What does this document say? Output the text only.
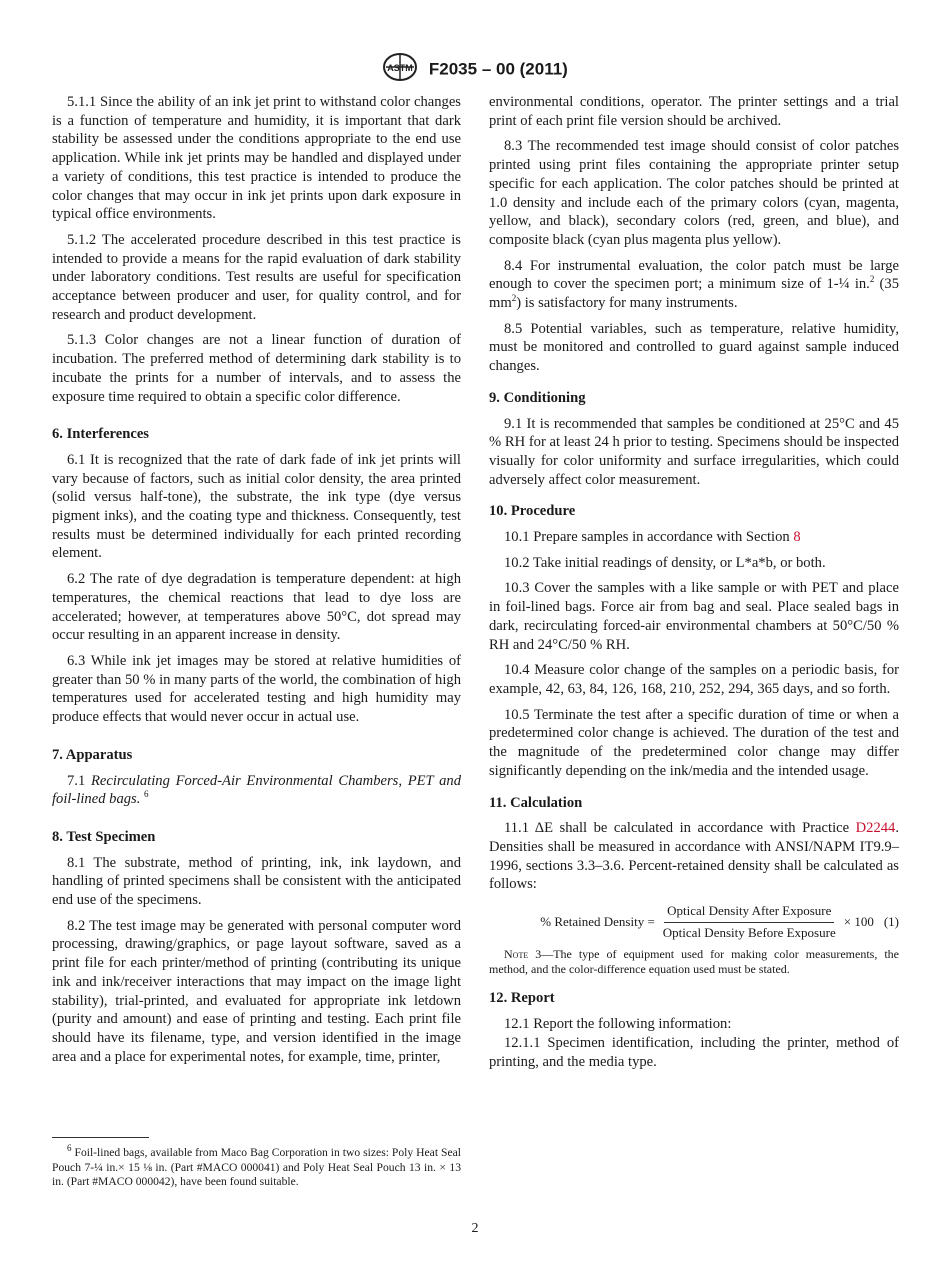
ASTM F2035 – 00 (2011)

5.1.1 Since the ability of an ink jet print to withstand color changes is a function of temperature and humidity, it is important that dark stability be assessed under the conditions appropriate to the end use application. While ink jet prints may be handled and displayed under a variety of conditions, this test practice is intended to produce the color changes that may occur in ink jet prints upon dark exposure in typical office environments.

5.1.2 The accelerated procedure described in this test practice is intended to provide a means for the rapid evaluation of dark stability under laboratory conditions. Test results are useful for specification acceptance between producer and user, for quality control, and for research and product development.

5.1.3 Color changes are not a linear function of duration of incubation. The preferred method of determining dark stability is to incubate the prints for a number of intervals, and to assess the exposure time required to obtain a specific color difference.

6. Interferences

6.1 It is recognized that the rate of dark fade of ink jet prints will vary because of factors, such as initial color density, the area printed (solid versus half-tone), the substrate, the ink type (dye versus pigment inks), and the coating type and thickness. Consequently, test results must be determined individually for each printed recording element.

6.2 The rate of dye degradation is temperature dependent: at high temperatures, the chemical reactions that lead to dye loss are accelerated; however, at temperatures above 50°C, dot spread may occur resulting in an apparent increase in density.

6.3 While ink jet images may be stored at relative humidities of greater than 50 % in many parts of the world, the combination of high temperatures used for accelerated testing and high humidity may produce effects that would never occur in actual use.

7. Apparatus

7.1 Recirculating Forced-Air Environmental Chambers, PET and foil-lined bags. $^6$

8. Test Specimen

8.1 The substrate, method of printing, ink, ink laydown, and handling of printed specimens shall be consistent with the anticipated end use of the specimens.

8.2 The test image may be generated with personal computer word processing, drawing/graphics, or page layout software, saved as a print file for each printer/method of printing (contributing its unique ink and ink/receiver interactions that may impact on the image light stability), trial-printed, and evaluated for appropriate ink letdown (purity and amount) and ease of printing and testing. Each print file should have its filename, type, and version identified in the image area and a place for experimental notes, for example, time, printer,

environmental conditions, operator. The printer settings and a trial print of each print file version should be archived.

8.3 The recommended test image should consist of color patches printed using print files containing the appropriate printer setup specific for each application. The color patches should be printed at 1.0 density and include each of the primary colors (cyan, magenta, yellow, and black), secondary colors (red, green, and blue), and composite black (cyan plus magenta plus yellow).

8.4 For instrumental evaluation, the color patch must be large enough to cover the specimen port; a minimum size of 1-¼ in.$^2$ (35 $mm^2$) is satisfactory for many instruments.

8.5 Potential variables, such as temperature, relative humidity, must be monitored and controlled to guard against sample induced changes.

9. Conditioning

9.1 It is recommended that samples be conditioned at 25°C and 45 % RH for at least 24 h prior to testing. Specimens should be inspected visually for color uniformity and surface irregularities, which could adversely affect color measurement.

10. Procedure

10.1 Prepare samples in accordance with Section 8

10.2 Take initial readings of density, or L*a*b, or both.

10.3 Cover the samples with a like sample or with PET and place in foil-lined bags. Force air from bag and seal. Place sealed bags in dark, recirculating forced-air environmental chambers at 50°C/50 % RH and 24°C/50 % RH.

10.4 Measure color change of the samples on a periodic basis, for example, 42, 63, 84, 126, 168, 210, 252, 294, 365 days, and so forth.

10.5 Terminate the test after a specific duration of time or when a predetermined color change is achieved. The duration of the test and the magnitude of the predetermined color change may differ significantly depending on the ink/media and the intended usage.

11. Calculation

11.1 ΔE shall be calculated in accordance with Practice D2244. Densities shall be measured in accordance with ANSI/NAPM IT9.9–1996, sections 3.3–3.6. Percent-retained density shall be calculated as follows:

% Retained Density = $\frac{\text{Optical Density After Exposure}}{\text{Optical Density Before Exposure}} \times 100$ (1)
Note 3—The type of equipment used for making color measurements, the method, and the color-difference equation used must be stated.
12. Report

12.1 Report the following information:

12.1.1 Specimen identification, including the printer, method of printing, and the media type.

$^6$ Foil-lined bags, available from Maco Bag Corporation in two sizes: Poly Heat Seal Pouch 7-¼ in.× 15 ⅛ in. (Part #MACO 000041) and Poly Heat Seal Pouch 13 in. × 13 in. (Part #MACO 000042), have been found suitable.
2
